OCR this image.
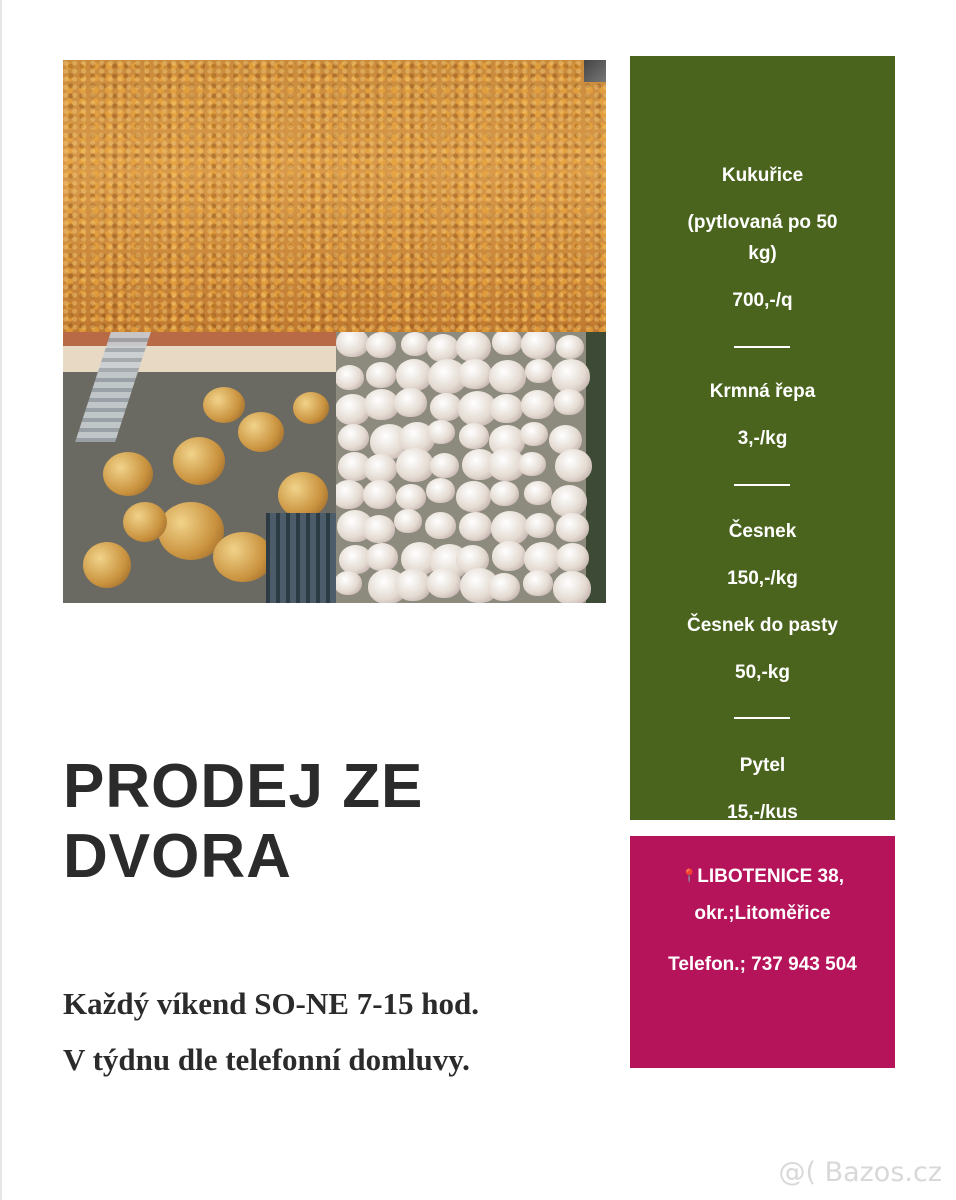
PRODEJ ZE DVORA
Každý víkend SO-NE 7-15 hod.
V týdnu dle telefonní domluvy.
Kukuřice
(pytlovaná po 50
kg)
700,-/q
Krmná řepa
3,-/kg
Česnek
150,-/kg
Česnek do pasty
50,-kg
Pytel
15,-/kus
📍LIBOTENICE 38,
okr.;Litoměřice
Telefon.; 737 943 504
@( Bazos.cz
